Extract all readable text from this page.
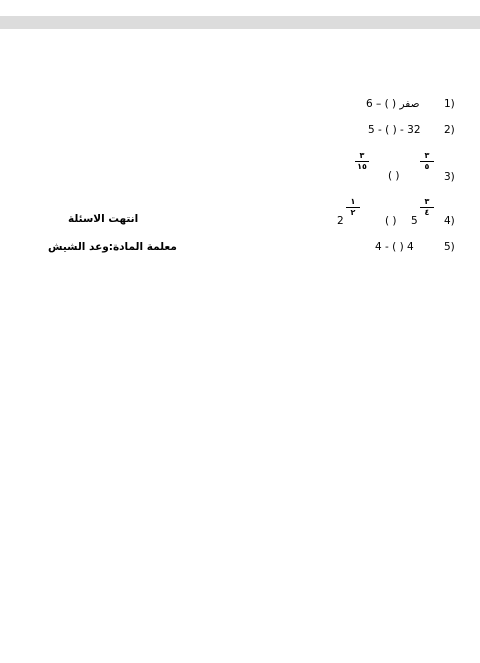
1)
6 – ( ) صفر
2)
5 - ( ) - 32
3)
٣
٥
( )
٣
١٥
4)
٣
٤
5
( )
١
٢
2
انتهت الاسئلة
5)
4 - ( ) 4
معلمة المادة:وعد الشيش
